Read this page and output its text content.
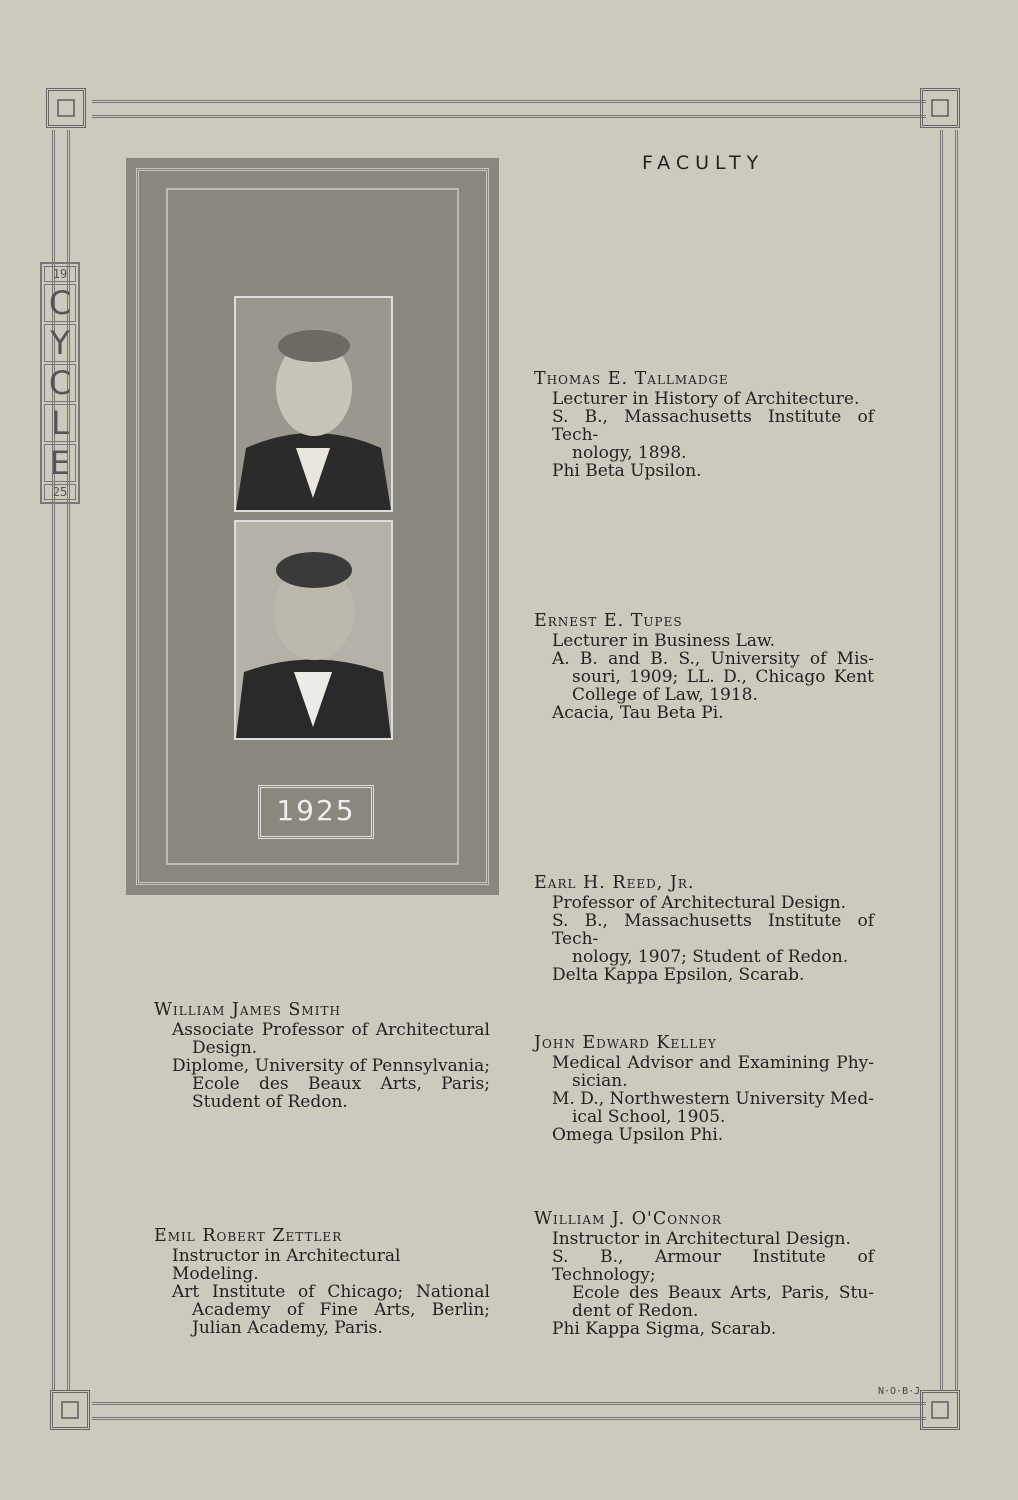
19
C
Y
C
L
E
25
FACULTY
1925
Thomas E. Tallmadge
Lecturer in History of Architecture.
S. B., Massachusetts Institute of Tech-
nology, 1898.
Phi Beta Upsilon.
Ernest E. Tupes
Lecturer in Business Law.
A. B. and B. S., University of Mis-
souri, 1909; LL. D., Chicago Kent
College of Law, 1918.
Acacia, Tau Beta Pi.
Earl H. Reed, Jr.
Professor of Architectural Design.
S. B., Massachusetts Institute of Tech-
nology, 1907; Student of Redon.
Delta Kappa Epsilon, Scarab.
William James Smith
Associate Professor of Architectural
Design.
Diplome, University of Pennsylvania;
Ecole des Beaux Arts, Paris;
Student of Redon.
John Edward Kelley
Medical Advisor and Examining Phy-
sician.
M. D., Northwestern University Med-
ical School, 1905.
Omega Upsilon Phi.
Emil Robert Zettler
Instructor in Architectural Modeling.
Art Institute of Chicago; National
Academy of Fine Arts, Berlin;
Julian Academy, Paris.
William J. O'Connor
Instructor in Architectural Design.
S. B., Armour Institute of Technology;
Ecole des Beaux Arts, Paris, Stu-
dent of Redon.
Phi Kappa Sigma, Scarab.
N·O·B·J
